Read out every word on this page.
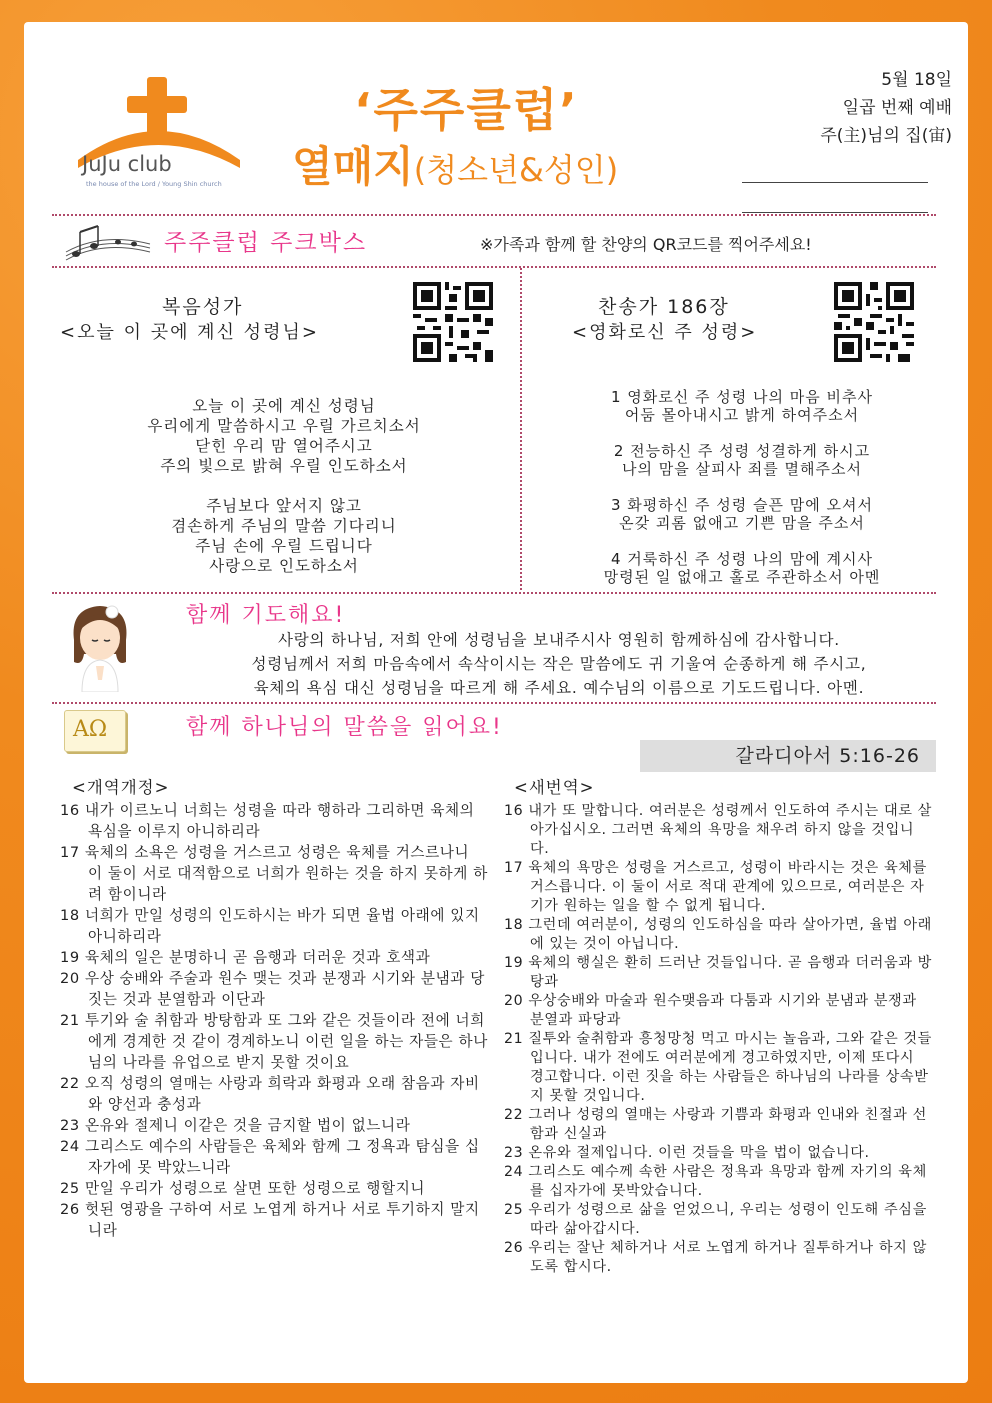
JuJu club
the house of the Lord / Young Shin church
‘주주클럽’
열매지(청소년&성인)
5월 18일
일곱 번째 예배
주(主)님의 집(宙)
주주클럽 주크박스	※가족과 함께 할 찬양의 QR코드를 찍어주세요!
복음성가
<오늘 이 곳에 계신 성령님>
찬송가 186장
<영화로신 주 성령>
오늘 이 곳에 계신 성령님
우리에게 말씀하시고 우릴 가르치소서
닫힌 우리 맘 열어주시고
주의 빛으로 밝혀 우릴 인도하소서
주님보다 앞서지 않고
겸손하게 주님의 말씀 기다리니
주님 손에 우릴 드립니다
사랑으로 인도하소서
1 영화로신 주 성령 나의 마음 비추사
어둠 몰아내시고 밝게 하여주소서
2 전능하신 주 성령 성결하게 하시고
나의 맘을 살피사 죄를 멸해주소서
3 화평하신 주 성령 슬픈 맘에 오셔서
온갖 괴롬 없애고 기쁜 맘을 주소서
4 거룩하신 주 성령 나의 맘에 계시사
망령된 일 없애고 홀로 주관하소서 아멘
함께 기도해요!
사랑의 하나님, 저희 안에 성령님을 보내주시사 영원히 함께하심에 감사합니다.
성령님께서 저희 마음속에서 속삭이시는 작은 말씀에도 귀 기울여 순종하게 해 주시고,
육체의 욕심 대신 성령님을 따르게 해 주세요. 예수님의 이름으로 기도드립니다. 아멘.
AΩ	함께 하나님의 말씀을 읽어요!
갈라디아서 5:16-26
<개역개정>

16 내가 이르노니 너희는 성령을 따라 행하라 그리하면 육체의 욕심을 이루지 아니하리라

17 육체의 소욕은 성령을 거스르고 성령은 육체를 거스르나니 이 둘이 서로 대적함으로 너희가 원하는 것을 하지 못하게 하려 함이니라

18 너희가 만일 성령의 인도하시는 바가 되면 율법 아래에 있지 아니하리라

19 육체의 일은 분명하니 곧 음행과 더러운 것과 호색과

20 우상 숭배와 주술과 원수 맺는 것과 분쟁과 시기와 분냄과 당 짓는 것과 분열함과 이단과

21 투기와 술 취함과 방탕함과 또 그와 같은 것들이라 전에 너희에게 경계한 것 같이 경계하노니 이런 일을 하는 자들은 하나님의 나라를 유업으로 받지 못할 것이요

22 오직 성령의 열매는 사랑과 희락과 화평과 오래 참음과 자비와 양선과 충성과

23 온유와 절제니 이같은 것을 금지할 법이 없느니라

24 그리스도 예수의 사람들은 육체와 함께 그 정욕과 탐심을 십자가에 못 박았느니라

25 만일 우리가 성령으로 살면 또한 성령으로 행할지니

26 헛된 영광을 구하여 서로 노엽게 하거나 서로 투기하지 말지니라

<새번역>

16 내가 또 말합니다. 여러분은 성령께서 인도하여 주시는 대로 살아가십시오. 그러면 육체의 욕망을 채우려 하지 않을 것입니다.

17 육체의 욕망은 성령을 거스르고, 성령이 바라시는 것은 육체를 거스릅니다. 이 둘이 서로 적대 관계에 있으므로, 여러분은 자기가 원하는 일을 할 수 없게 됩니다.

18 그런데 여러분이, 성령의 인도하심을 따라 살아가면, 율법 아래에 있는 것이 아닙니다.

19 육체의 행실은 환히 드러난 것들입니다. 곧 음행과 더러움과 방탕과

20 우상숭배와 마술과 원수맺음과 다툼과 시기와 분냄과 분쟁과 분열과 파당과

21 질투와 술취함과 흥청망청 먹고 마시는 놀음과, 그와 같은 것들입니다. 내가 전에도 여러분에게 경고하였지만, 이제 또다시 경고합니다. 이런 짓을 하는 사람들은 하나님의 나라를 상속받지 못할 것입니다.

22 그러나 성령의 열매는 사랑과 기쁨과 화평과 인내와 친절과 선함과 신실과

23 온유와 절제입니다. 이런 것들을 막을 법이 없습니다.

24 그리스도 예수께 속한 사람은 정욕과 욕망과 함께 자기의 육체를 십자가에 못박았습니다.

25 우리가 성령으로 삶을 얻었으니, 우리는 성령이 인도해 주심을 따라 삶아갑시다.

26 우리는 잘난 체하거나 서로 노엽게 하거나 질투하거나 하지 않도록 합시다.
